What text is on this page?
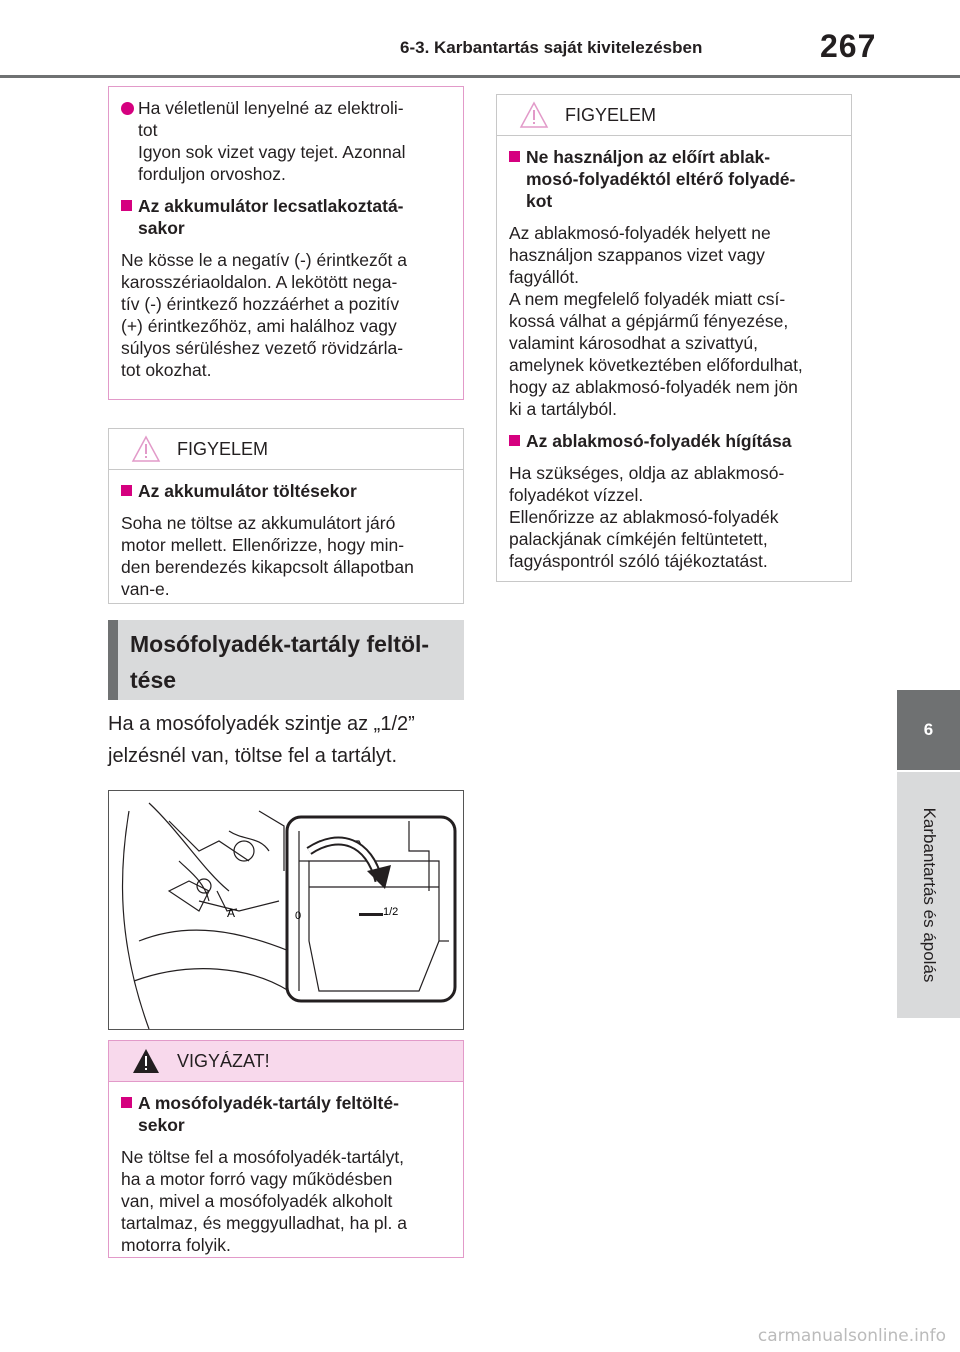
6-3. Karbantartás saját kivitelezésben	267
6
Karbantartás és ápolás
Ha véletlenül lenyelné az elektroli-
tot
Igyon sok vizet vagy tejet. Azonnal
forduljon orvoshoz.
Az akkumulátor lecsatlakoztatá-
sakor
Ne kösse le a negatív (-) érintkezőt a
karosszériaoldalon. A lekötött nega-
tív (-) érintkező hozzáérhet a pozitív
(+) érintkezőhöz, ami halálhoz vagy
súlyos sérüléshez vezető rövidzárla-
tot okozhat.
FIGYELEM
Az akkumulátor töltésekor
Soha ne töltse az akkumulátort járó
motor mellett. Ellenőrizze, hogy min-
den berendezés kikapcsolt állapotban
van-e.
Mosófolyadék-tartály feltöl-
tése
Ha a mosófolyadék szintje az „1/2”
jelzésnél van, töltse fel a tartályt.
0	1/2
A
VIGYÁZAT!
A mosófolyadék-tartály feltölté-
sekor
Ne töltse fel a mosófolyadék-tartályt,
ha a motor forró vagy működésben
van, mivel a mosófolyadék alkoholt
tartalmaz, és meggyulladhat, ha pl. a
motorra folyik.
FIGYELEM
Ne használjon az előírt ablak-
mosó-folyadéktól eltérő folyadé-
kot
Az ablakmosó-folyadék helyett ne
használjon szappanos vizet vagy
fagyállót.
A nem megfelelő folyadék miatt csí-
kossá válhat a gépjármű fényezése,
valamint károsodhat a szivattyú,
amelynek következtében előfordulhat,
hogy az ablakmosó-folyadék nem jön
ki a tartályból.
Az ablakmosó-folyadék hígítása
Ha szükséges, oldja az ablakmosó-
folyadékot vízzel.
Ellenőrizze az ablakmosó-folyadék
palackjának címkéjén feltüntetett,
fagyáspontról szóló tájékoztatást.
carmanualsonline.info
